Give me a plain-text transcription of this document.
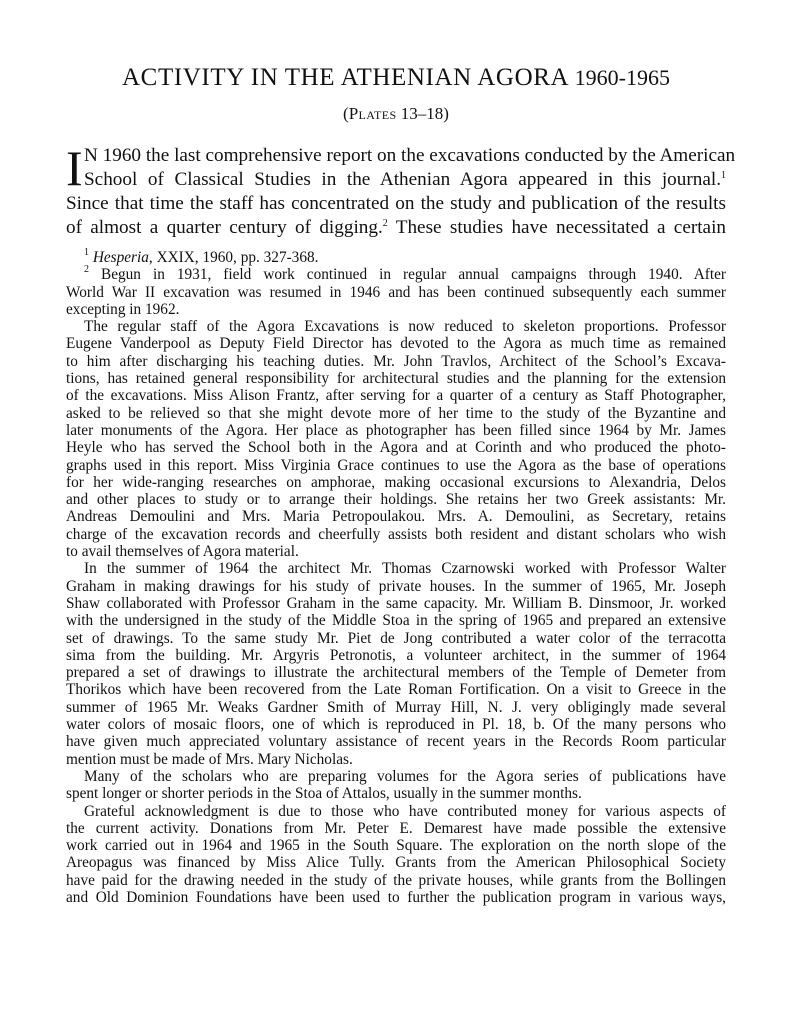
ACTIVITY IN THE ATHENIAN AGORA 1960-1965
(Plates 13–18)
I N 1960 the last comprehensive report on the excavations conducted by the American
School of Classical Studies in the Athenian Agora appeared in this journal.$^1$
Since that time the staff has concentrated on the study and publication of the results
of almost a quarter century of digging.$^2$ These studies have necessitated a certain
$^1$ Hesperia, XXIX, 1960, pp. 327-368.
$^2$ Begun in 1931, field work continued in regular annual campaigns through 1940. After
World War II excavation was resumed in 1946 and has been continued subsequently each summer
excepting in 1962.
The regular staff of the Agora Excavations is now reduced to skeleton proportions. Professor
Eugene Vanderpool as Deputy Field Director has devoted to the Agora as much time as remained
to him after discharging his teaching duties. Mr. John Travlos, Architect of the School’s Excava-
tions, has retained general responsibility for architectural studies and the planning for the extension
of the excavations. Miss Alison Frantz, after serving for a quarter of a century as Staff Photographer,
asked to be relieved so that she might devote more of her time to the study of the Byzantine and
later monuments of the Agora. Her place as photographer has been filled since 1964 by Mr. James
Heyle who has served the School both in the Agora and at Corinth and who produced the photo-
graphs used in this report. Miss Virginia Grace continues to use the Agora as the base of operations
for her wide-ranging researches on amphorae, making occasional excursions to Alexandria, Delos
and other places to study or to arrange their holdings. She retains her two Greek assistants: Mr.
Andreas Demoulini and Mrs. Maria Petropoulakou. Mrs. A. Demoulini, as Secretary, retains
charge of the excavation records and cheerfully assists both resident and distant scholars who wish
to avail themselves of Agora material.
In the summer of 1964 the architect Mr. Thomas Czarnowski worked with Professor Walter
Graham in making drawings for his study of private houses. In the summer of 1965, Mr. Joseph
Shaw collaborated with Professor Graham in the same capacity. Mr. William B. Dinsmoor, Jr. worked
with the undersigned in the study of the Middle Stoa in the spring of 1965 and prepared an extensive
set of drawings. To the same study Mr. Piet de Jong contributed a water color of the terracotta
sima from the building. Mr. Argyris Petronotis, a volunteer architect, in the summer of 1964
prepared a set of drawings to illustrate the architectural members of the Temple of Demeter from
Thorikos which have been recovered from the Late Roman Fortification. On a visit to Greece in the
summer of 1965 Mr. Weaks Gardner Smith of Murray Hill, N. J. very obligingly made several
water colors of mosaic floors, one of which is reproduced in Pl. 18, b. Of the many persons who
have given much appreciated voluntary assistance of recent years in the Records Room particular
mention must be made of Mrs. Mary Nicholas.
Many of the scholars who are preparing volumes for the Agora series of publications have
spent longer or shorter periods in the Stoa of Attalos, usually in the summer months.
Grateful acknowledgment is due to those who have contributed money for various aspects of
the current activity. Donations from Mr. Peter E. Demarest have made possible the extensive
work carried out in 1964 and 1965 in the South Square. The exploration on the north slope of the
Areopagus was financed by Miss Alice Tully. Grants from the American Philosophical Society
have paid for the drawing needed in the study of the private houses, while grants from the Bollingen
and Old Dominion Foundations have been used to further the publication program in various ways,
